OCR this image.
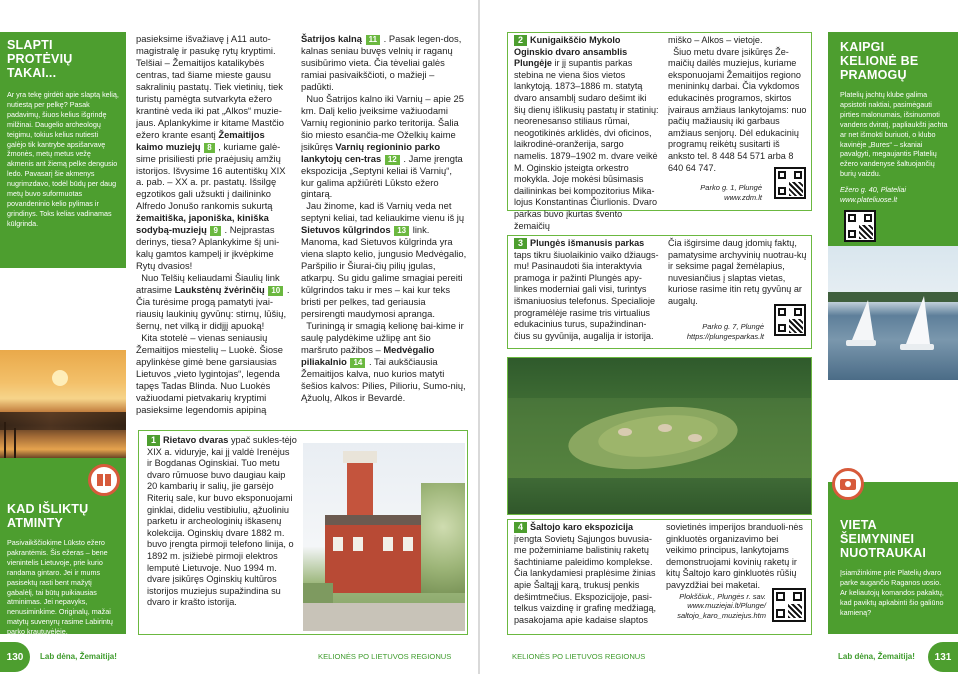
SLAPTI PROTĖVIŲ TAKAI...
Ar yra tekę girdėti apie slaptą kelią, nutiestą per pelkę? Pasak padavimų, šiuos kelius išgrindę milžinai. Daugelio archeologų teigimu, tokius kelius nutiesti galėjo tik kantrybe apsišarvavę žmonės, metų metus vežę akmenis ant žiemą pelke dengusio ledo. Pavasarį šie akmenys nugrimzdavo, todėl būdų per daug metų buvo suformuotas povandeninio kelio pylimas ir grindinys. Toks kelias vadinamas kūlgrinda.
KAD IŠLIKTŲ ATMINTY
Pasivaikščiokime Lūksto ežero pakrantėmis. Šis ežeras – bene vienintelis Lietuvoje, prie kurio randama gintaro. Jei ir mums pasisektų rasti bent mažytį gabalėlį, tai būtų puikiausias atminimas. Jei nepavyks, nenusiminkime. Originalų, mažai matytų suvenyrų rasime Labirintų parko krautuvėlėje.
pasieksime išvažiavę į A11 auto-magistralę ir pasukę rytų kryptimi. Telšiai – Žemaitijos katalikybės centras, tad šiame mieste gausu sakralinių pastatų. Tiek vietinių, tiek turistų pamėgta sutvarkyta ežero krantinė veda iki pat „Alkos“ muzie-jaus. Aplankykime ir kitame Mastčio ežero krante esantį Žemaitijos kaimo muziejų 8 , kuriame galė-sime prisiliesti prie praėjusių amžių istorijos. Išvysime 16 autentiškų XIX a. pab. – XX a. pr. pastatų. Išsilgę egzotikos gali užsukti į dailininko Alfredo Jonušo rankomis sukurtą žemaitiška, japoniška, kiniška sodybą-muziejų 9 . Neįprastas derinys, tiesa? Aplankykime šį uni-kalų gamtos kampelį ir įkvėpkime Rytų dvasios!
Nuo Telšių keliaudami Šiaulių link atrasime Laukstėnų žvėrinčių 10 . Čia turėsime progą pamatyti įvai-riausių laukinių gyvūnų: stirnų, lūšių, šernų, net vilką ir didįjį apuoką!
Kita stotelė – vienas seniausių Žemaitijos miestelių – Luokė. Šiose apylinkėse gimė bene garsiausias Lietuvos „vieto lygintojas“, legenda tapęs Tadas Blinda. Nuo Luokės važiuodami pietvakarių kryptimi pasieksime legendomis apipiną
Šatrijos kalną 11 . Pasak legen-dos, kalnas seniau buvęs velnių ir raganų susibūrimo vieta. Čia tėveliai galės ramiai pasivaikščioti, o mažieji – padūkti.
Nuo Šatrijos kalno iki Varnių – apie 25 km. Dalį kelio įveiksime važiuodami Varnių regioninio parko teritorija. Šalia šio miesto esančia-me Oželkių kaime įsikūręs Varnių regioninio parko lankytojų cen-tras 12 . Jame įrengta ekspozicija „Septyni keliai iš Varnių“, kur galima apžiūrėti Lūksto ežero gintarą.
Jau žinome, kad iš Varnių veda net septyni keliai, tad keliaukime vienu iš jų Sietuvos kūlgrindos 13 link. Manoma, kad Sietuvos kūlgrinda yra viena slapto kelio, jungusio Medvėgalio, Paršpilio ir Šiurai-čių pilių įgulas, atkarpų. Su gidu galime smagiai pereiti kūlgrindos taku ir mes – kai kur teks bristi per pelkes, tad geriausia persirengti maudymosi apranga.
Turiningą ir smagią kelionę bai-kime ir saulę palydėkime užlipę ant šio maršruto pažibos – Medvėgalio piliakalnio 14 . Tai aukščiausia Žemaitijos kalva, nuo kurios matyti šešios kalvos: Pilies, Pilioriu, Sumo-nių, Ąžuolų, Alkos ir Bevardė.
1 Rietavo dvaras ypač sukles-tėjo XIX a. viduryje, kai jį valdė Irenėjus ir Bogdanas Oginskiai. Tuo metu dvaro rūmuose buvo daugiau kaip 20 kambarių ir salių, jie garsėjo Riterių sale, kur buvo eksponuojami ginklai, dideliu vestibiuliu, ąžuoliniu parketu ir archeologinių iškasenų kolekcija. Oginskių dvare 1882 m. buvo įrengta pirmoji telefono linija, o 1892 m. įsižiebė pirmoji elektros lemputė Lietuvoje. Nuo 1994 m. dvare įsikūręs Oginskių kultūros istorijos muziejus supažindina su dvaro ir krašto istorija.
2 Kunigaikščio Mykolo Oginskio dvaro ansamblis Plungėje ir jį supantis parkas stebina ne viena šios vietos lankytoją. 1873–1886 m. statytą dvaro ansamblį sudaro dešimt iki šių dienų išlikusių pastatų ir statinių: neorenesanso stiliaus rūmai, neogotikinės arklidės, dvi oficinos, laikrodinė-oranžerija, sargo namelis. 1879–1902 m. dvare veikė M. Oginskio įsteigta orkestro mokykla. Joje mokėsi būsimasis dailininkas bei kompozitorius Mika-lojus Konstantinas Čiurlionis. Dvaro parkas buvo įkurtas švento žemaičių
miško – Alkos – vietoje.
Šiuo metu dvare įsikūręs Že-maičių dailės muziejus, kuriame eksponuojami Žemaitijos regiono menininkų darbai. Čia vykdomos edukacinės programos, skirtos įvairaus amžiaus lankytojams: nuo pačių mažiausių iki garbaus amžiaus senjorų. Dėl edukacinių programų reikėtų susitarti iš anksto tel. 8 448 54 571 arba 8 640 64 747.
Parko g. 1, Plungė
www.zdm.lt
3 Plungės išmanusis parkas taps tikru šiuolaikinio vaiko džiaugs-mu! Pasinaudoti šia interaktyvia pramoga ir pažinti Plungės apy-linkes moderniai gali visi, turintys išmaniuosius telefonus. Specialioje programėlėje rasime tris virtualius edukacinius turus, supažindinan-čius su gyvūnija, augalija ir istorija.
Čia išgirsime daug įdomių faktų, pamatysime archyvinių nuotrau-kų ir seksime pagal žemėlapius, nuvesiančius į slaptas vietas, kuriose rasime itin retų gyvūnų ar augalų.
Parko g. 7, Plungė
https://plungesparkas.lt
4 Šaltojo karo ekspozicija įrengta Sovietų Sąjungos buvusia-me požeminiame balistinių raketų šachtiniame paleidimo komplekse. Čia lankydamiesi praplėsime žinias apie Šaltąjį karą, trukusį penkis dešimtmečius. Ekspozicijoje, pasi-telkus vaizdinę ir grafinę medžiagą, pasakojama apie kadaise slaptos
sovietinės imperijos branduoli-nės ginkluotės organizavimo bei veikimo principus, lankytojams demonstruojami kovinių raketų ir kitų Šaltojo karo ginkluotės rūšių pavyzdžiai bei maketai.
Plokščiuk., Plungės r. sav.
www.muziejai.lt/Plunge/ saltojo_karo_muziejus.htm
KAIPGI KELIONĖ BE PRAMOGŲ
Platelių jachtų klube galima apsistoti naktiai, pasimėgauti pirties malonumais, išsinuomoti vandens dviratį, papliaukšti jachta ar net išmokti buriuoti, o klubo kavinėje „Bures“ – skaniai pavalgyti, megaujantis Platelių ežero vandenyse šaltuojančių burių vaizdu.
Ežero g. 40, Plateliai
www.plateliuose.lt
VIETA ŠEIMYNINEI NUOTRAUKAI
Įsiamžinkime prie Platelių dvaro parke augančio Raganos uosio. Ar keliautojų komandos pakaktų, kad paviktų apkabinti šio galiūno kamieną?
130	Lab dėna, Žemaitija!	KELIONĖS PO LIETUVOS REGIONUS	KELIONĖS PO LIETUVOS REGIONUS	Lab dėna, Žemaitija!	131
